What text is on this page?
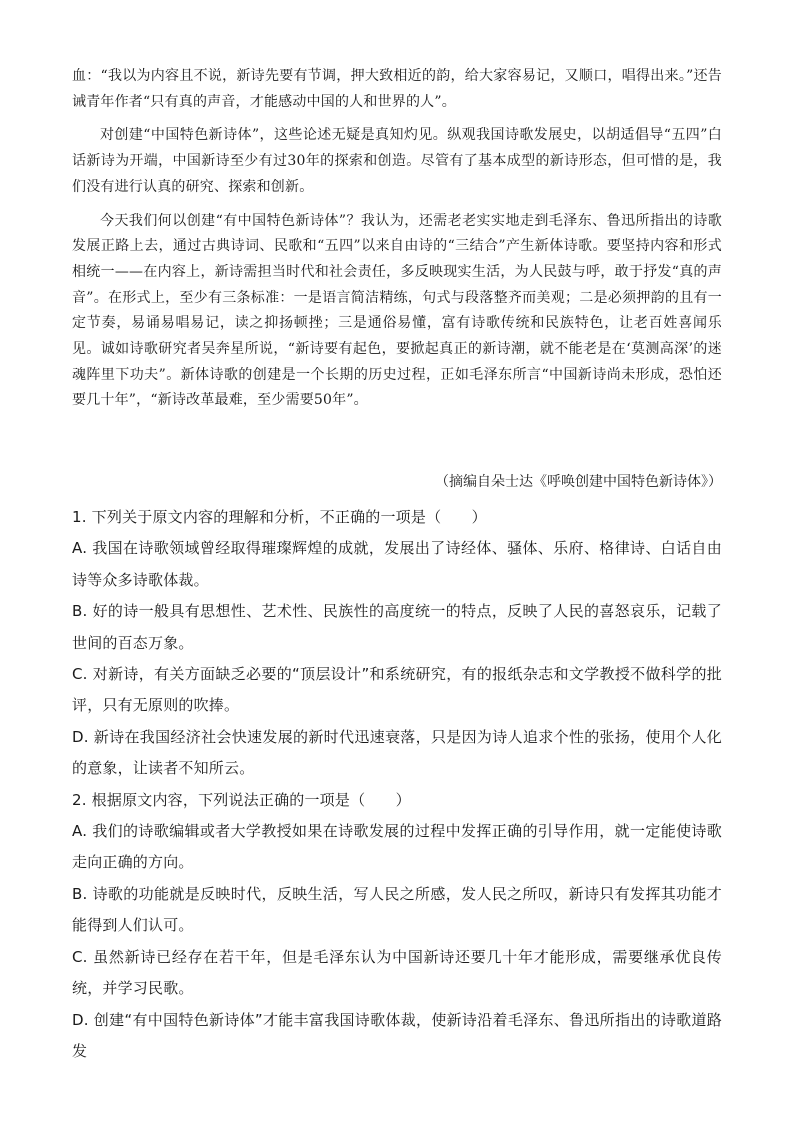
血：“我以为内容且不说，新诗先要有节调，押大致相近的韵，给大家容易记，又顺口，唱得出来。”还告诫青年作者“只有真的声音，才能感动中国的人和世界的人”。

对创建“中国特色新诗体”，这些论述无疑是真知灼见。纵观我国诗歌发展史，以胡适倡导“五四”白话新诗为开端，中国新诗至少有过30年的探索和创造。尽管有了基本成型的新诗形态，但可惜的是，我们没有进行认真的研究、探索和创新。

今天我们何以创建“有中国特色新诗体”？我认为，还需老老实实地走到毛泽东、鲁迅所指出的诗歌发展正路上去，通过古典诗词、民歌和“五四”以来自由诗的“三结合”产生新体诗歌。要坚持内容和形式相统一——在内容上，新诗需担当时代和社会责任，多反映现实生活，为人民鼓与呼，敢于抒发“真的声音”。在形式上，至少有三条标准：一是语言简洁精练，句式与段落整齐而美观；二是必须押韵的且有一定节奏，易诵易唱易记，读之抑扬顿挫；三是通俗易懂，富有诗歌传统和民族特色，让老百姓喜闻乐见。诚如诗歌研究者吴奔星所说，“新诗要有起色，要掀起真正的新诗潮，就不能老是在‘莫测高深’的迷魂阵里下功夫”。新体诗歌的创建是一个长期的历史过程，正如毛泽东所言“中国新诗尚未形成，恐怕还要几十年”，“新诗改革最难，至少需要50年”。

（摘编自朵士达《呼唤创建中国特色新诗体》）

1. 下列关于原文内容的理解和分析，不正确的一项是（　　）

A. 我国在诗歌领域曾经取得璀璨辉煌的成就，发展出了诗经体、骚体、乐府、格律诗、白话自由诗等众多诗歌体裁。

B. 好的诗一般具有思想性、艺术性、民族性的高度统一的特点，反映了人民的喜怒哀乐，记载了世间的百态万象。

C. 对新诗，有关方面缺乏必要的“顶层设计”和系统研究，有的报纸杂志和文学教授不做科学的批评，只有无原则的吹捧。

D. 新诗在我国经济社会快速发展的新时代迅速衰落，只是因为诗人追求个性的张扬，使用个人化的意象，让读者不知所云。

2. 根据原文内容，下列说法正确的一项是（　　）

A. 我们的诗歌编辑或者大学教授如果在诗歌发展的过程中发挥正确的引导作用，就一定能使诗歌走向正确的方向。

B. 诗歌的功能就是反映时代，反映生活，写人民之所感，发人民之所叹，新诗只有发挥其功能才能得到人们认可。

C. 虽然新诗已经存在若干年，但是毛泽东认为中国新诗还要几十年才能形成，需要继承优良传统，并学习民歌。

D. 创建“有中国特色新诗体”才能丰富我国诗歌体裁，使新诗沿着毛泽东、鲁迅所指出的诗歌道路发
